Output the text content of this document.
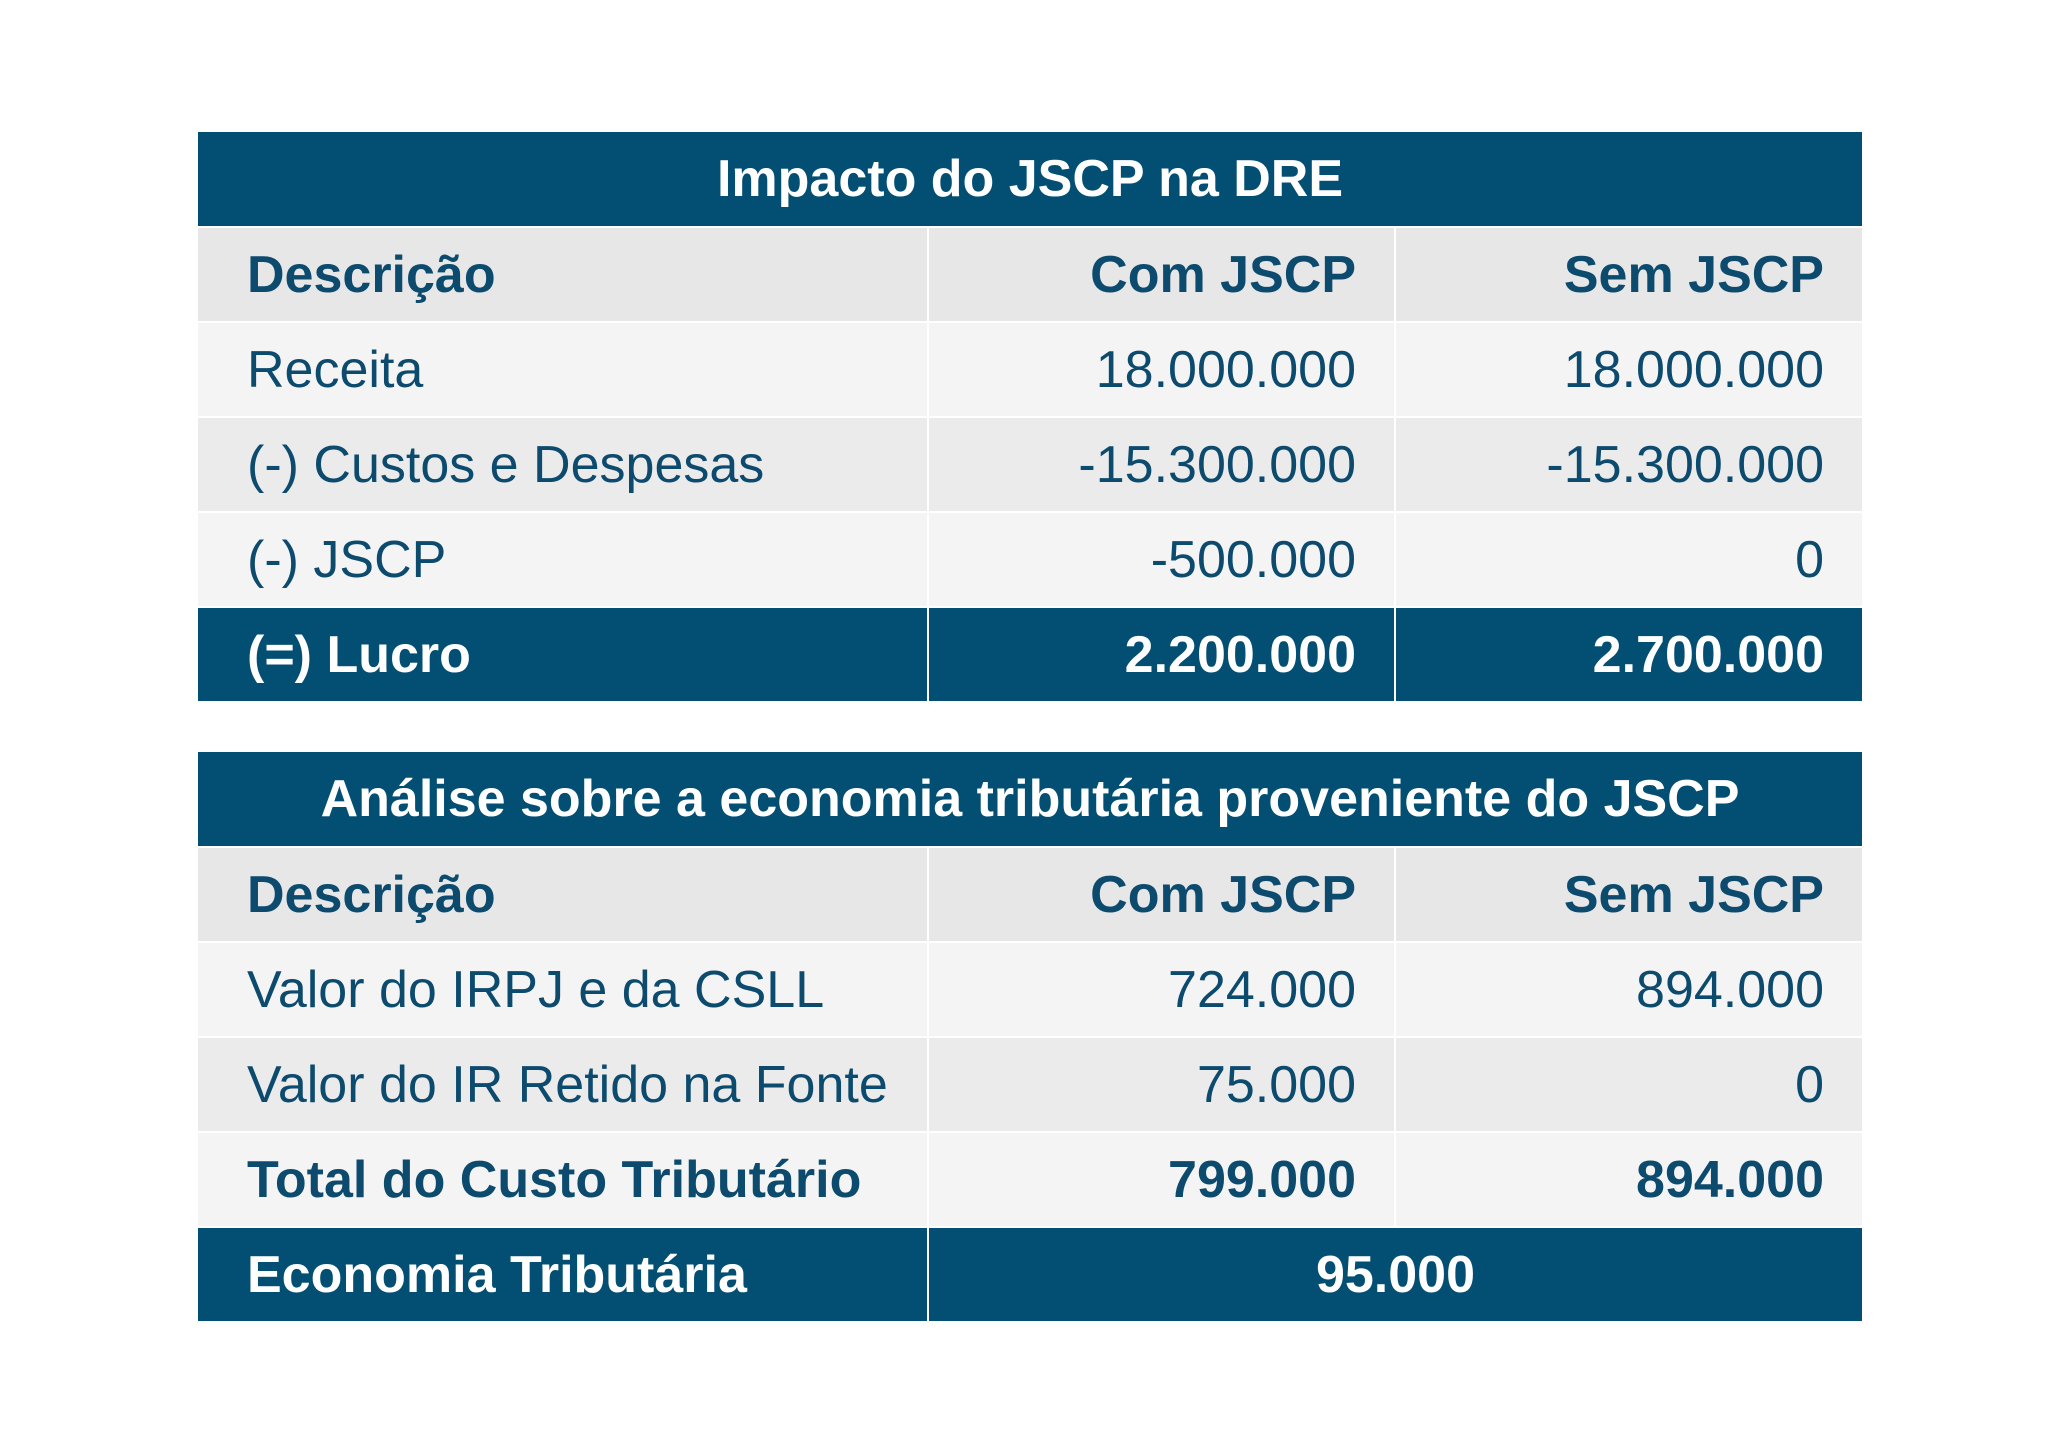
Impacto do JSCP na DRE		
Descrição	Com JSCP	Sem JSCP
Receita	18.000.000	18.000.000
(-) Custos e Despesas	-15.300.000	-15.300.000
(-) JSCP	-500.000	0
(=) Lucro	2.200.000	2.700.000
Análise sobre a economia tributária proveniente do JSCP		
Descrição	Com JSCP	Sem JSCP
Valor do IRPJ e da CSLL	724.000	894.000
Valor do IR Retido na Fonte	75.000	0
Total do Custo Tributário	799.000	894.000
Economia Tributária	95.000	
